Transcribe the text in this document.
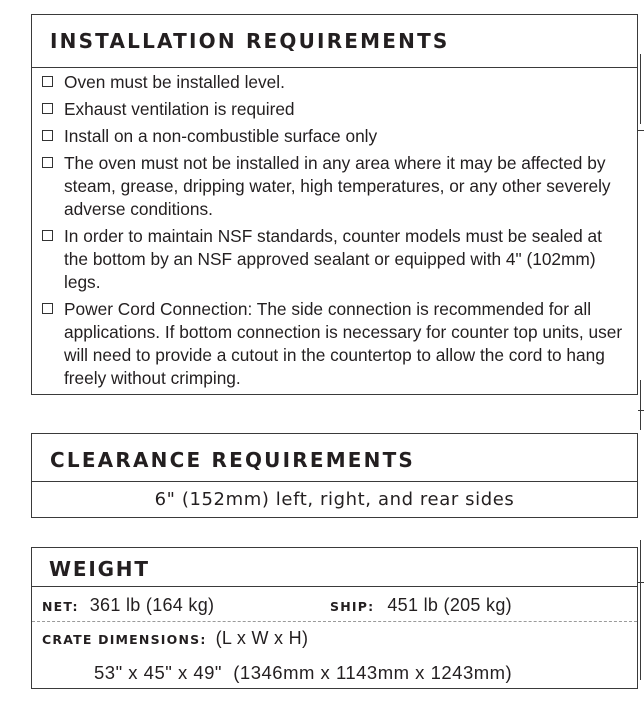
INSTALLATION REQUIREMENTS
Oven must be installed level.
Exhaust ventilation is required
Install on a non-combustible surface only
The oven must not be installed in any area where it may be affected by steam, grease, dripping water, high temperatures, or any other severely adverse conditions.
In order to maintain NSF standards, counter models must be sealed at the bottom by an NSF approved sealant or equipped with 4" (102mm) legs.
Power Cord Connection: The side connection is recommended for all applications. If bottom connection is necessary for counter top units, user will need to provide a cutout in the countertop to allow the cord to hang freely without crimping.
CLEARANCE REQUIREMENTS
6" (152mm) left, right, and rear sides
WEIGHT
NET: 361 lb (164 kg)	SHIP: 451 lb (205 kg)
CRATE DIMENSIONS: (L x W x H)
53" x 45" x 49"  (1346mm x 1143mm x 1243mm)
